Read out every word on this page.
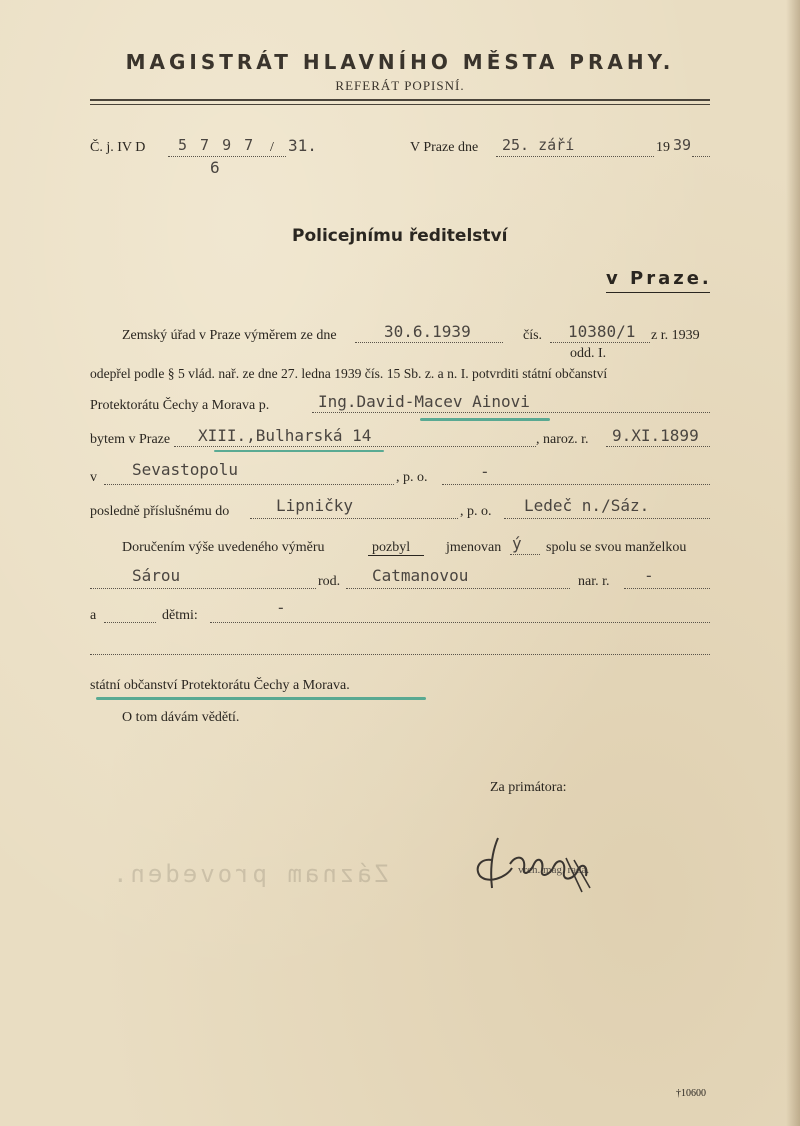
Záznam proveden.
MAGISTRÁT HLAVNÍHO MĚSTA PRAHY.
REFERÁT POPISNÍ.
Č. j. IV D 5 7 9 7 / 31.
6
V Praze dne 25. září	19 39
Policejnímu ředitelství
v Praze.
Zemský úřad v Praze výměrem ze dne	30.6.1939	čís. 10380/1 z r. 1939
odd. I.
odepřel podle § 5 vlád. nař. ze dne 27. ledna 1939 čís. 15 Sb. z. a n. I. potvrditi státní občanství
Protektorátu Čechy a Morava p.	Ing.David-Macev Ainovi
bytem v Praze XIII.,Bulharská 14	, naroz. r. 9.XI.1899
v Sevastopolu	, p. o.	-
posledně příslušnému do	Lipničky	, p. o. Ledeč n./Sáz.
Doručením výše uvedeného výměru	pozbyl	jmenovan ý spolu se svou manželkou
Sárou	rod. Catmanovou	nar. r. -
a	dětmi:	-
státní občanství Protektorátu Čechy a Morava.
O tom dávám vědětí.
Za primátora:
vrch. mag. rada.
†10600
